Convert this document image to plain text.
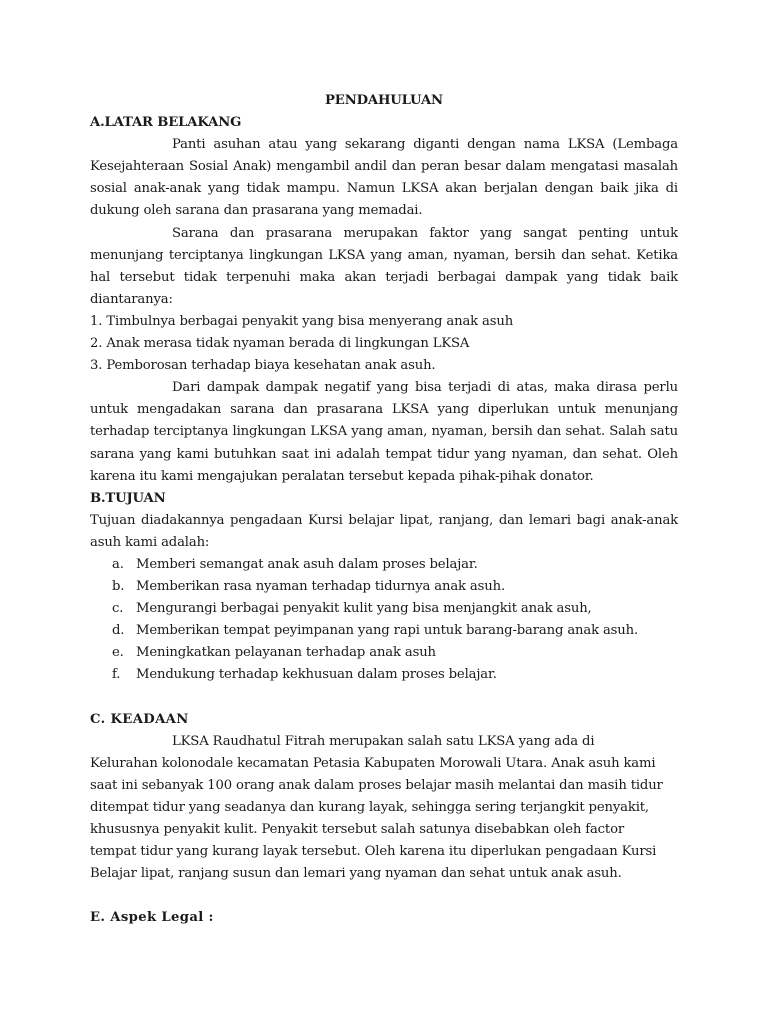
PENDAHULUAN

A.LATAR BELAKANG

Panti asuhan atau yang sekarang diganti dengan nama LKSA (Lembaga Kesejahteraan Sosial Anak) mengambil andil dan peran besar dalam mengatasi masalah sosial anak-anak yang tidak mampu. Namun LKSA akan berjalan dengan baik jika di dukung oleh sarana dan prasarana yang memadai.

Sarana dan prasarana merupakan faktor yang sangat penting untuk menunjang terciptanya lingkungan LKSA yang aman, nyaman, bersih dan sehat. Ketika hal tersebut tidak terpenuhi maka akan terjadi berbagai dampak yang tidak baik diantaranya:

1. Timbulnya berbagai penyakit yang bisa menyerang anak asuh

2. Anak merasa tidak nyaman berada di lingkungan LKSA

3. Pemborosan terhadap biaya kesehatan anak asuh.

Dari dampak dampak negatif yang bisa terjadi di atas, maka dirasa perlu untuk mengadakan sarana dan prasarana LKSA yang diperlukan untuk menunjang terhadap terciptanya lingkungan LKSA yang aman, nyaman, bersih dan sehat. Salah satu sarana yang kami butuhkan saat ini adalah tempat tidur yang nyaman, dan sehat. Oleh karena itu kami mengajukan peralatan tersebut kepada pihak-pihak donator.

B.TUJUAN

Tujuan diadakannya pengadaan Kursi belajar lipat, ranjang, dan lemari bagi anak-anak asuh kami adalah:

a. Memberi semangat anak asuh dalam proses belajar.
b. Memberikan rasa nyaman terhadap tidurnya anak asuh.
c. Mengurangi berbagai penyakit kulit yang bisa menjangkit anak asuh,
d. Memberikan tempat peyimpanan yang rapi untuk barang-barang anak asuh.
e. Meningkatkan pelayanan terhadap anak asuh
f. Mendukung terhadap kekhusuan dalam proses belajar.

C. KEADAAN

LKSA Raudhatul Fitrah merupakan salah satu LKSA yang ada di

Kelurahan kolonodale kecamatan Petasia Kabupaten Morowali Utara. Anak asuh kami

saat ini sebanyak 100 orang anak dalam proses belajar masih melantai dan masih tidur

ditempat tidur yang seadanya dan kurang layak, sehingga sering terjangkit penyakit,

khususnya penyakit kulit. Penyakit tersebut salah satunya disebabkan oleh factor

tempat tidur yang kurang layak tersebut. Oleh karena itu diperlukan pengadaan Kursi

Belajar lipat, ranjang susun dan lemari yang nyaman dan sehat untuk anak asuh.

E. Aspek Legal :
